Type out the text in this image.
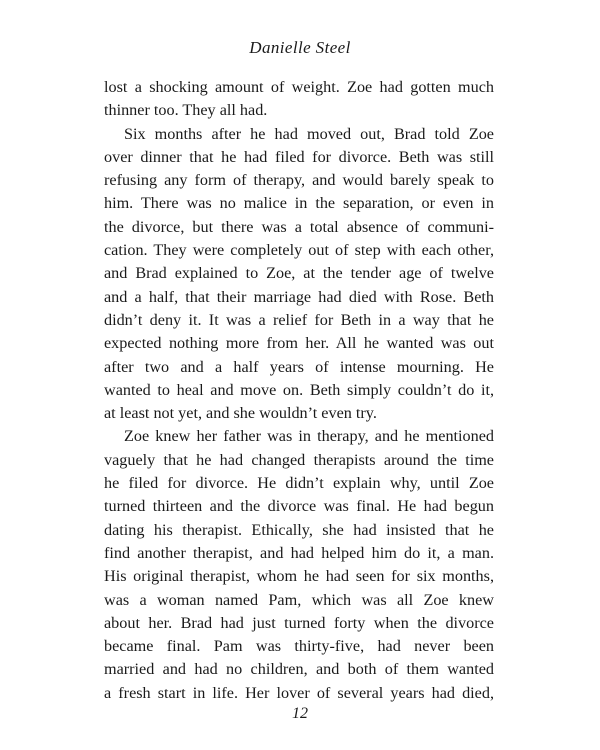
Danielle Steel
lost a shocking amount of weight. Zoe had gotten much
thinner too. They all had.
Six months after he had moved out, Brad told Zoe
over dinner that he had filed for divorce. Beth was still
refusing any form of therapy, and would barely speak to
him. There was no malice in the separation, or even in
the divorce, but there was a total absence of communi-
cation. They were completely out of step with each other,
and Brad explained to Zoe, at the tender age of twelve
and a half, that their marriage had died with Rose. Beth
didn’t deny it. It was a relief for Beth in a way that he
expected nothing more from her. All he wanted was out
after two and a half years of intense mourning. He
wanted to heal and move on. Beth simply couldn’t do it,
at least not yet, and she wouldn’t even try.
Zoe knew her father was in therapy, and he mentioned
vaguely that he had changed therapists around the time
he filed for divorce. He didn’t explain why, until Zoe
turned thirteen and the divorce was final. He had begun
dating his therapist. Ethically, she had insisted that he
find another therapist, and had helped him do it, a man.
His original therapist, whom he had seen for six months,
was a woman named Pam, which was all Zoe knew
about her. Brad had just turned forty when the divorce
became final. Pam was thirty-five, had never been
married and had no children, and both of them wanted
a fresh start in life. Her lover of several years had died,
12
